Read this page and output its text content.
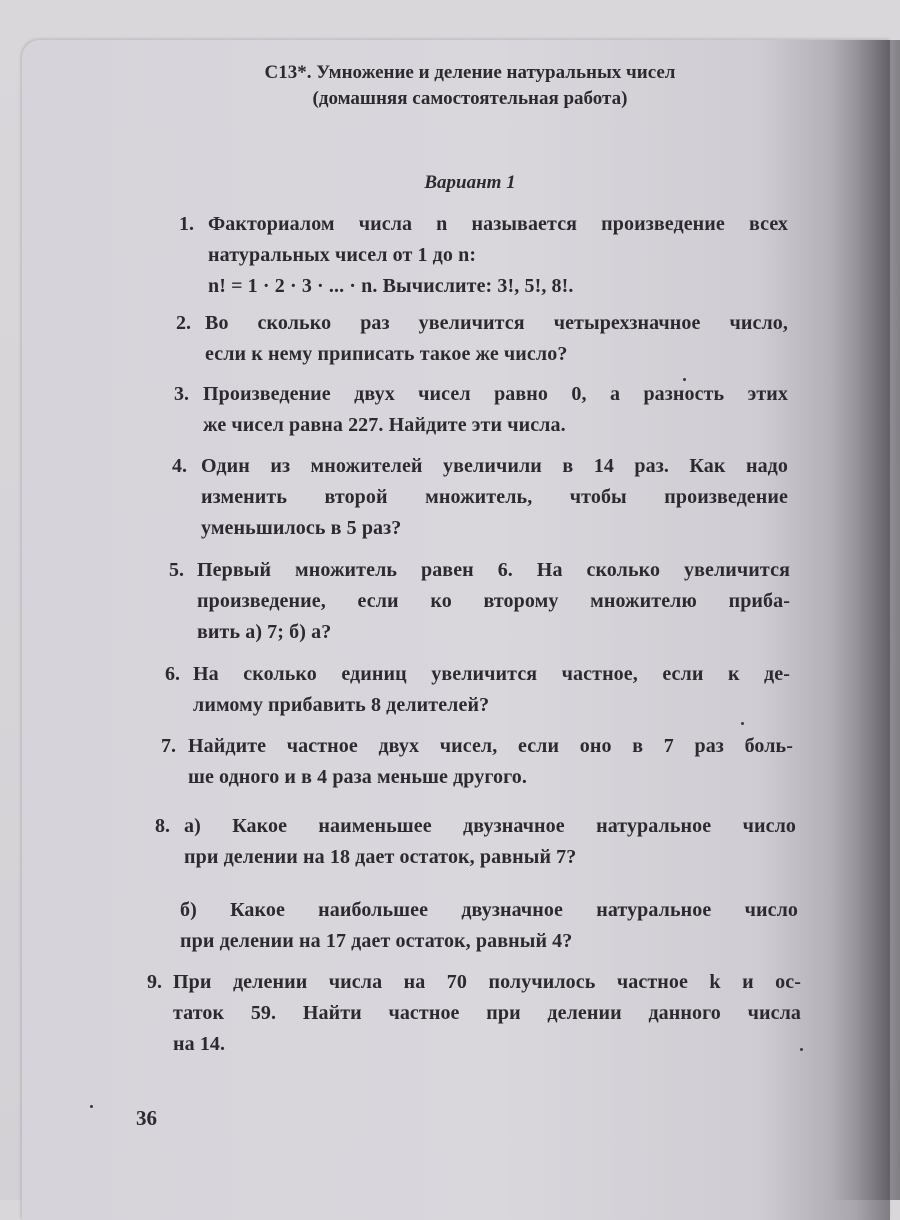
С13*. Умножение и деление натуральных чисел
(домашняя самостоятельная работа)
Вариант 1
1. Факториалом числа n называется произведение всех
натуральных чисел от 1 до n:
n! = 1 · 2 · 3 · ... · n. Вычислите: 3!, 5!, 8!.
2. Во сколько раз увеличится четырехзначное число,
если к нему приписать такое же число?
3. Произведение двух чисел равно 0, а разность этих
же чисел равна 227. Найдите эти числа.
4. Один из множителей увеличили в 14 раз. Как надо
изменить второй множитель, чтобы произведение
уменьшилось в 5 раз?
5. Первый множитель равен 6. На сколько увеличится
произведение, если ко второму множителю приба-
вить а) 7; б) a?
6. На сколько единиц увеличится частное, если к де-
лимому прибавить 8 делителей?
7. Найдите частное двух чисел, если оно в 7 раз боль-
ше одного и в 4 раза меньше другого.
8. а) Какое наименьшее двузначное натуральное число
при делении на 18 дает остаток, равный 7?
б) Какое наибольшее двузначное натуральное число
при делении на 17 дает остаток, равный 4?
9. При делении числа на 70 получилось частное k и ос-
таток 59. Найти частное при делении данного числа
на 14.
36
